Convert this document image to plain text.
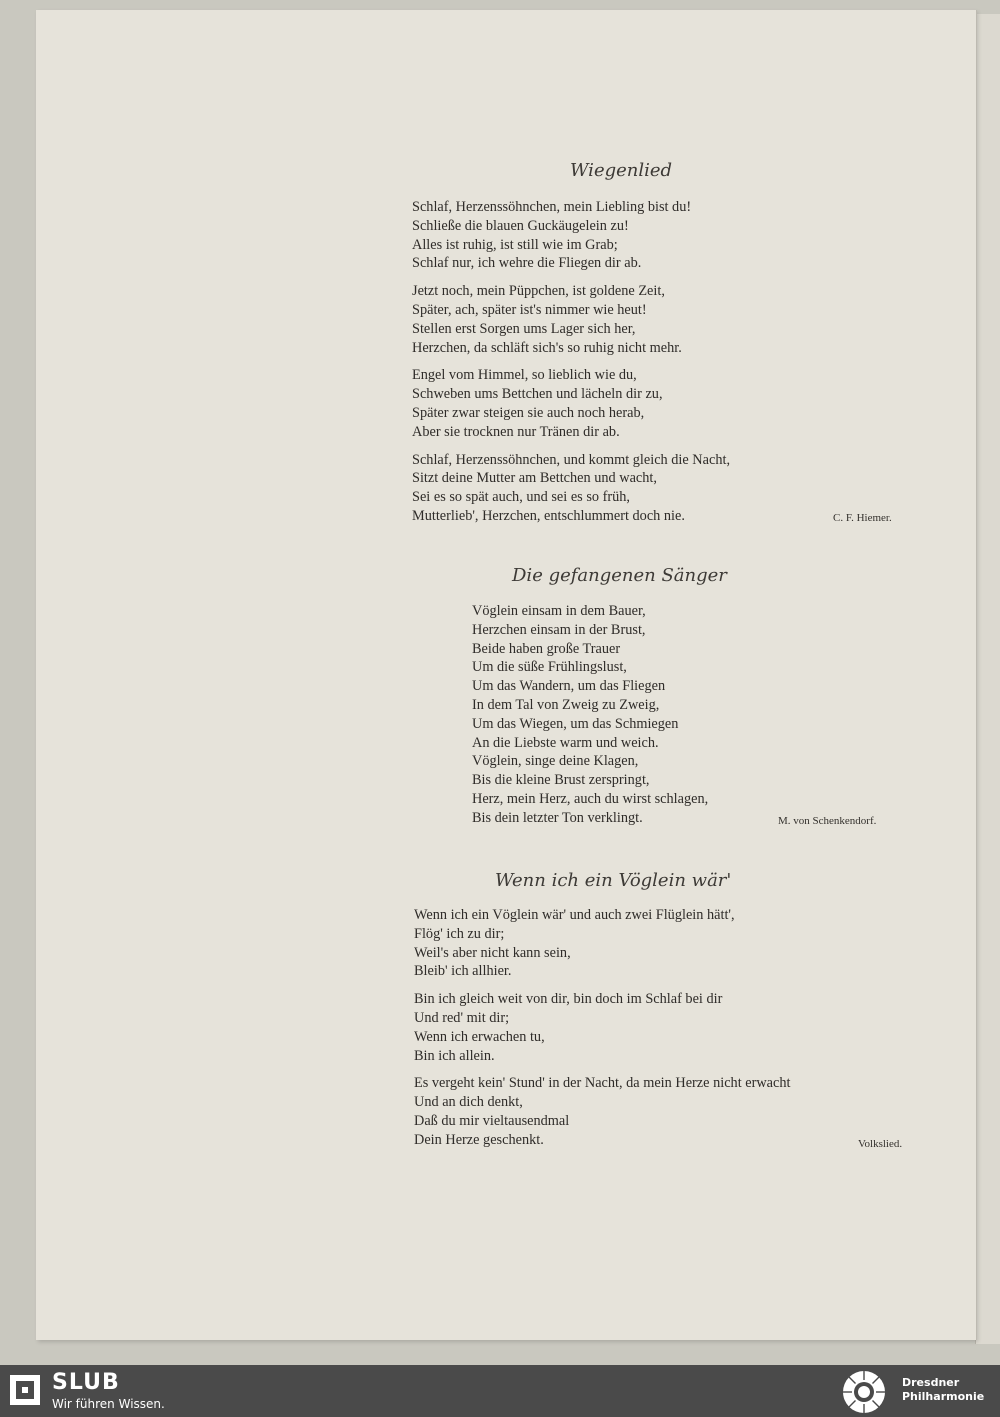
Wiegenlied
Schlaf, Herzenssöhnchen, mein Liebling bist du!
Schließe die blauen Guckäugelein zu!
Alles ist ruhig, ist still wie im Grab;
Schlaf nur, ich wehre die Fliegen dir ab.
Jetzt noch, mein Püppchen, ist goldene Zeit,
Später, ach, später ist's nimmer wie heut!
Stellen erst Sorgen ums Lager sich her,
Herzchen, da schläft sich's so ruhig nicht mehr.
Engel vom Himmel, so lieblich wie du,
Schweben ums Bettchen und lächeln dir zu,
Später zwar steigen sie auch noch herab,
Aber sie trocknen nur Tränen dir ab.
Schlaf, Herzenssöhnchen, und kommt gleich die Nacht,
Sitzt deine Mutter am Bettchen und wacht,
Sei es so spät auch, und sei es so früh,
Mutterlieb', Herzchen, entschlummert doch nie.	C. F. Hiemer.
Die gefangenen Sänger
Vöglein einsam in dem Bauer,
Herzchen einsam in der Brust,
Beide haben große Trauer
Um die süße Frühlingslust,
Um das Wandern, um das Fliegen
In dem Tal von Zweig zu Zweig,
Um das Wiegen, um das Schmiegen
An die Liebste warm und weich.
Vöglein, singe deine Klagen,
Bis die kleine Brust zerspringt,
Herz, mein Herz, auch du wirst schlagen,
Bis dein letzter Ton verklingt.	M. von Schenkendorf.
Wenn ich ein Vöglein wär'
Wenn ich ein Vöglein wär' und auch zwei Flüglein hätt',
Flög' ich zu dir;
Weil's aber nicht kann sein,
Bleib' ich allhier.
Bin ich gleich weit von dir, bin doch im Schlaf bei dir
Und red' mit dir;
Wenn ich erwachen tu,
Bin ich allein.
Es vergeht kein' Stund' in der Nacht, da mein Herze nicht erwacht
Und an dich denkt,
Daß du mir vieltausendmal
Dein Herze geschenkt.	Volkslied.
SLUB
Wir führen Wissen.
Dresdner
Philharmonie
